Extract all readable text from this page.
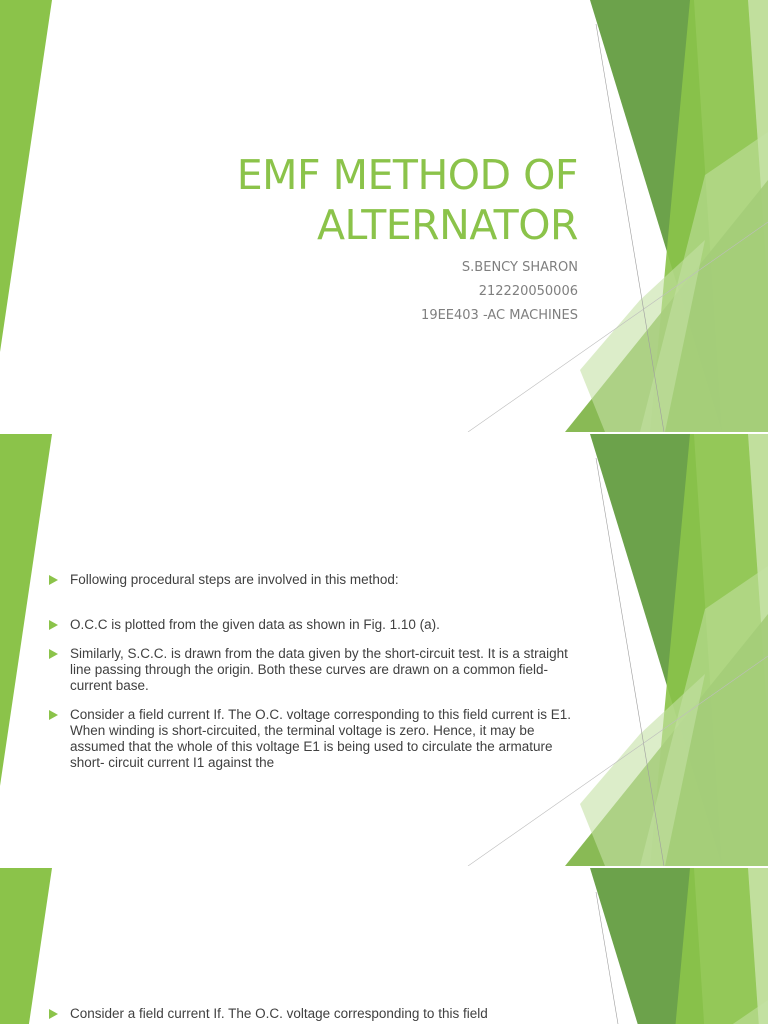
EMF METHOD OF
ALTERNATOR
S.BENCY SHARON
212220050006
19EE403 -AC MACHINES
Following procedural steps are involved in this method:
O.C.C is plotted from the given data as shown in Fig. 1.10 (a).
Similarly, S.C.C. is drawn from the data given by the short-circuit test. It is a straight line passing through the origin. Both these curves are drawn on a common field-current base.
Consider a field current If. The O.C. voltage corresponding to this field current is E1. When winding is short-circuited, the terminal voltage is zero. Hence, it may be assumed that the whole of this voltage E1 is being used to circulate the armature short- circuit current I1 against the
Consider a field current If. The O.C. voltage corresponding to this field
